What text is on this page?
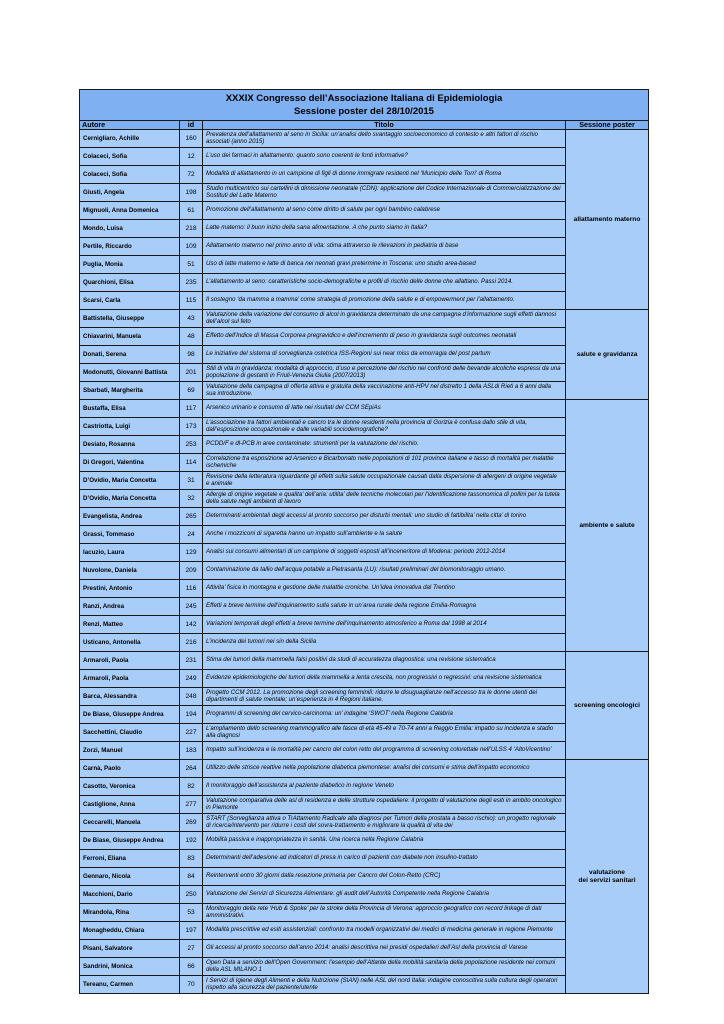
XXXIX Congresso dell’Associazione Italiana di Epidemiologia
Sessione poster del 28/10/2015			

Autore	id	Titolo	Sessione poster
Cernigliaro, Achille	160	Prevalenza dell’allattamento al seno in Sicilia: un’analisi dello svantaggio socioeconomico di contesto e altri fattori di rischio associati (anno 2015)	allattamento materno
Colaceci, Sofia	12	L’uso dei farmaci in allattamento: quanto sono coerenti le fonti informative?	
Colaceci, Sofia	72	Modalità di allattamento in un campione di figli di donne immigrate residenti nel ‘Municipio delle Torri’ di Roma	
Giusti, Angela	198	Studio multicentrico sui cartellini di dimissione neonatale (CDN): applicazione del Codice Internazionale di Commercializzazione dei Sostituti del Latte Materno	
Mignuoli, Anna Domenica	61	Promozione dell’allattamento al seno come diritto di salute per ogni bambino calabrese	
Mondo, Luisa	218	Latte materno: il buon inizio della sana alimentazione. A che punto siamo in Italia?	
Pertile, Riccardo	109	Allattamento materno nel primo anno di vita: stima attraverso le rilevazioni in pediatria di base	
Puglia, Monia	51	Uso di latte materno e latte di banca nei neonati gravi pretermine in Toscana: uno studio area-based	
Quarchioni, Elisa	235	L’allattamento al seno: caratteristiche socio-demografiche e profili di rischio delle donne che allattano. Passi 2014.	
Scarsi, Carla	115	Il sostegno ‘da mamma a mamma’ come strategia di promozione della salute e di empowerment per l’allattamento.	
Battistella, Giuseppe	43	Valutazione della variazione del consumo di alcol in gravidanza determinato da una campagna d’informazione sugli effetti dannosi dell’alcol sul feto	salute e gravidanza
Chiavarini, Manuela	48	Effetto dell’Indice di Massa Corporea pregravidico e dell’incremento di peso in gravidanza sugli outcomes neonatali	
Donati, Serena	98	Le iniziative del sistema di sorveglianza ostetrica ISS-Regioni sui near miss da emorragia del post partum	
Modonutti, Giovanni Battista	201	Stili di vita in gravidanza: modalità di approccio, d’uso e percezione del rischio nei confronti delle bevande alcoliche espressi da una popolazione di gestanti in Friuli-Venezia Giulia (2007/2013)	
Sbarbati, Margherita	69	Valutazione della campagna di offerta attiva e gratuita della vaccinazione anti-HPV nel distretto 1 della ASLdi Rieti a 6 anni dalla sua introduzione.	
Bustaffa, Elisa	117	Arsenico urinario e consumo di latte nei risultati del CCM SEpiAs	ambiente e salute
Castriotta, Luigi	173	L’associazione tra fattori ambientali e cancro tra le donne residenti nella provincia di Gorizia è confusa dallo stile di vita, dall’esposizione occupazionale e dalle variabili sociodemografiche?	
Desiato, Rosanna	253	PCDD/F e dl-PCB in aree contaminate: strumenti per la valutazione del rischio.	
Di Gregori, Valentina	114	Correlazione tra esposizione ad Arsenico e Bicarbonato nelle popolazioni di 101 province italiane e tasso di mortalità per malattie ischemiche	
D’Ovidio, Maria Concetta	31	Revisione della letteratura riguardante gli effetti sulla salute occupazionale causati dalla dispersione di allergeni di origine vegetale e animale	
D’Ovidio, Maria Concetta	32	Allergie di origine vegetale e qualita’ dell’aria: utilita’ delle tecniche molecolari per l’identificazione tassonomica di pollini per la tutela della salute negli ambienti di lavoro	
Evangelista, Andrea	265	Determinanti ambientali degli accessi al pronto soccorso per disturbi mentali: uno studio di fattibilita’ nella citta’ di torino	
Grassi, Tommaso	24	Anche i mozziconi di sigaretta hanno un impatto sull’ambiente e la salute	
Iacuzio, Laura	129	Analisi sui consumi alimentari di un campione di soggetti esposti all’inceneritore di Modena: periodo 2012-2014	
Nuvolone, Daniela	209	Contaminazione da tallio dell’acqua potabile a Pietrasanta (LU): risultati preliminari del biomonitoraggio umano.	
Prestini, Antonio	116	Attivita’ fisica in montagna e gestione delle malattie croniche. Un’idea innovativa dal Trentino	
Ranzi, Andrea	245	Effetti a breve termine dell’inquinamento sulla salute in un’area rurale della regione Emilia-Romagna	
Renzi, Matteo	142	Variazioni temporali degli effetti a breve termine dell’inquinamento atmosferico a Roma dal 1998 al 2014	
Usticano, Antonella	216	L’incidenza dei tumori nei sin della Sicilia	
Armaroli, Paola	231	Stima dei tumori della mammella falsi positivi da studi di accuratezza diagnostica: una revisione sistematica	screening oncologici
Armaroli, Paola	249	Evidenze epidemiologiche dei tumori della mammella a lenta crescita, non progressivi o regressivi: una revisione sistematica	
Barca, Alessandra	248	Progetto CCM 2012. La promozione degli screening femminili: ridurre le disuguaglianze nell’accesso tra le donne utenti dei dipartimenti di salute mentale; un’esperienza in 4 Regioni italiane.	
De Biase, Giuseppe Andrea	194	Programmi di screening del cervico-carcinoma: un’ indagine ‘SWOT’ nella Regione Calabria	
Sacchettini, Claudio	227	L’ampliamento dello screening mammografico alle fasce di età 45-49 e 70-74 anni a Reggio Emilia: impatto su incidenza e stadio alla diagnosi	
Zorzi, Manuel	183	Impatto sull’incidenza e la mortalità per cancro del colon retto del programma di screening colorettale nell’ULSS 4 ‘AltoVicentino’	
Carnà, Paolo	264	Utilizzo delle strisce reattive nella popolazione diabetica piemontese: analisi dei consumi e stima dell’impatto economico	valutazione
dei servizi sanitari
Casotto, Veronica	82	Il monitoraggio dell’assistenza al paziente diabetico in regione Veneto	
Castiglione, Anna	277	Valutazione comparativa delle asl di residenza e delle strutture ospedaliere: il progetto di valutazione degli esiti in ambito oncologico in Piemonte	
Ceccarelli, Manuela	269	START (Sorveglianza attiva o TrAttamento Radicale alla diagnosi per Tumori della prostata a basso rischio): un progetto regionale di ricerca/intervento per ridurre i costi del sovra-trattamento e migliorare la qualità di vita dei	
De Biase, Giuseppe Andrea	192	Mobilità passiva e inappropriatezza in sanità. Una ricerca nella Regione Calabria	
Ferroni, Eliana	83	Determinanti dell’adesione ad indicatori di presa in carico di pazienti con diabete non insulino-trattato	
Gennaro, Nicola	84	Reinterventi entro 30 giorni dalla resezione primaria per Cancro del Colon-Retto (CRC)	
Macchioni, Dario	250	Valutazione dei Servizi di Sicurezza Alimentare: gli audit dell’Autorità Competente nella Regione Calabria	
Mirandola, Rina	53	Monitoraggio della rete ‘Hub & Spoke’ per la stroke della Provincia di Verona: approccio geografico con record linkage di dati amministrativi.	
Monagheddu, Chiara	197	Modalità prescrittive ed esiti assistenziali: confronto tra modelli organizzativi dei medici di medicina generale in regione Piemonte	
Pisani, Salvatore	27	Gli accessi al pronto soccorso dell’anno 2014: analisi descrittiva nei presidi ospedalieri dell’Asl della provincia di Varese	
Sandrini, Monica	66	Open Data a servizio dell’Open Government: l’esempio dell’Atlante della mobilità sanitaria della popolazione residente nei comuni della ASL MILANO 1	
Tereanu, Carmen	70	I Servizi di Igiene degli Alimenti e della Nutrizione (SIAN) nelle ASL del nord Italia: indagine conoscitiva sulla cultura degli operatori rispetto alla sicurezza del paziente/utente	
